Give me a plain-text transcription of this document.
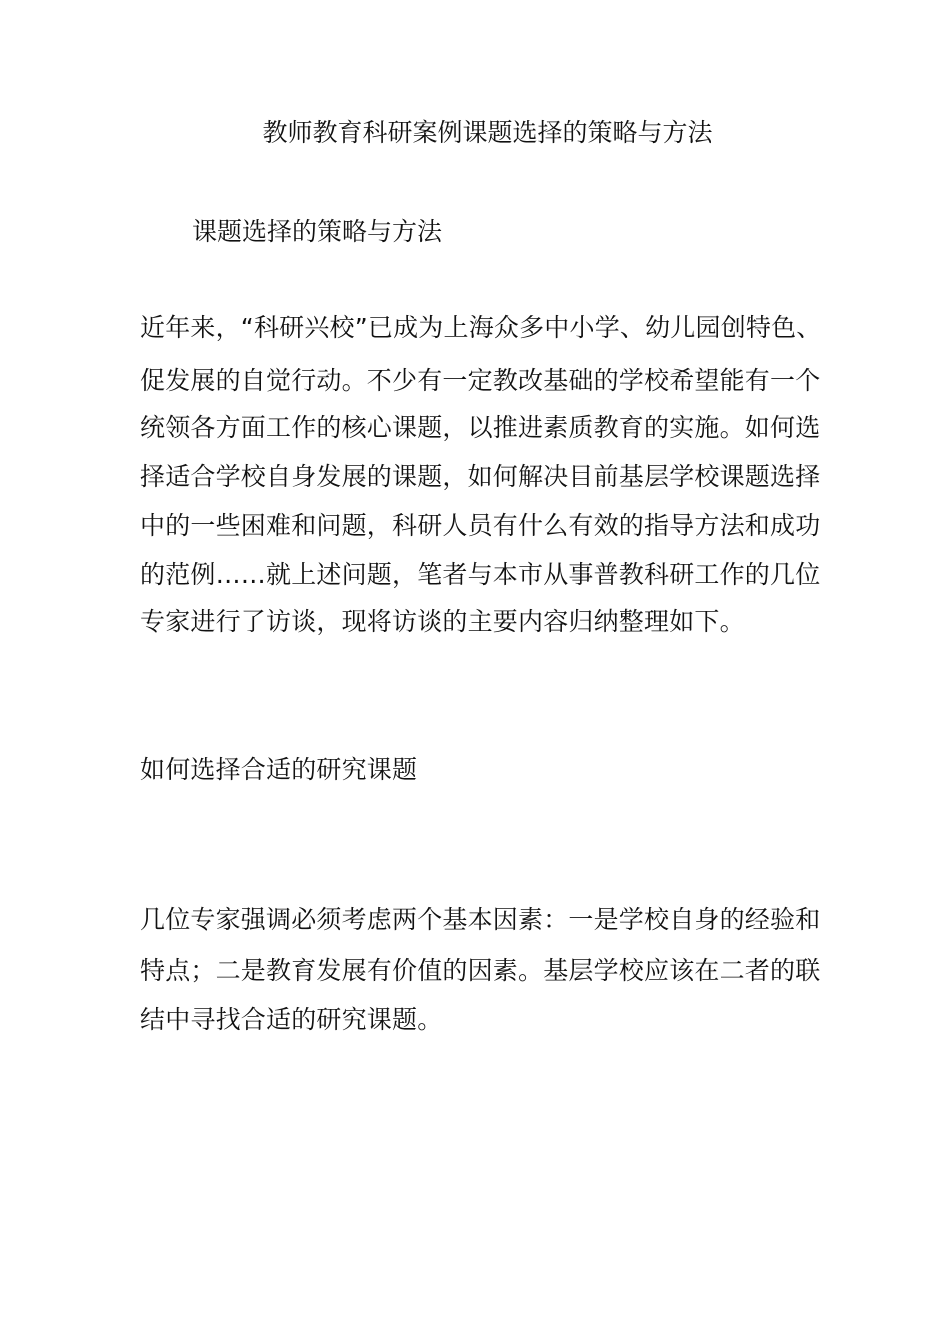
教师教育科研案例课题选择的策略与方法
课题选择的策略与方法
近年来，“科研兴校”已成为上海众多中小学、幼儿园创特色、
促发展的自觉行动。不少有一定教改基础的学校希望能有一个
统领各方面工作的核心课题，以推进素质教育的实施。如何选
择适合学校自身发展的课题，如何解决目前基层学校课题选择
中的一些困难和问题，科研人员有什么有效的指导方法和成功
的范例……就上述问题，笔者与本市从事普教科研工作的几位
专家进行了访谈，现将访谈的主要内容归纳整理如下。
如何选择合适的研究课题
几位专家强调必须考虑两个基本因素：一是学校自身的经验和
特点；二是教育发展有价值的因素。基层学校应该在二者的联
结中寻找合适的研究课题。
